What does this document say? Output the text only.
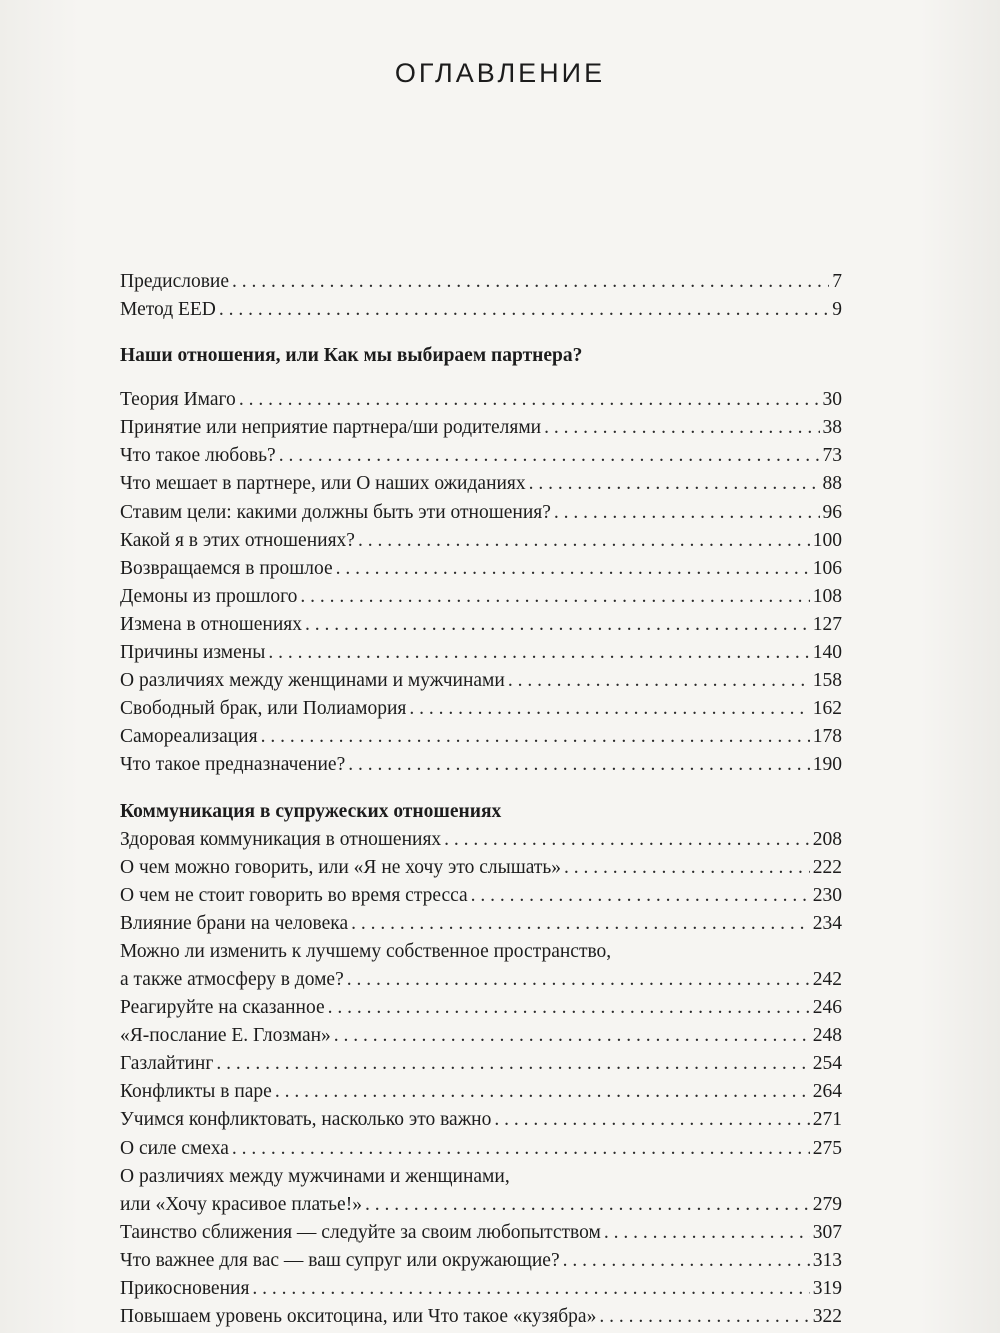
ОГЛАВЛЕНИЕ
Предисловие . . .	7
Метод EED . . .	9
Наши отношения, или Как мы выбираем партнера?
Теория Имаго . . .	30
Принятие или неприятие партнера/ши родителями . . .	38
Что такое любовь? . . .	73
Что мешает в партнере, или О наших ожиданиях . . .	88
Ставим цели: какими должны быть эти отношения? . . .	96
Какой я в этих отношениях? . . .	100
Возвращаемся в прошлое . . .	106
Демоны из прошлого . . .	108
Измена в отношениях . . .	127
Причины измены . . .	140
О различиях между женщинами и мужчинами . . .	158
Свободный брак, или Полиамория . . .	162
Самореализация . . .	178
Что такое предназначение? . . .	190
Коммуникация в супружеских отношениях
Здоровая коммуникация в отношениях . . .	208
О чем можно говорить, или «Я не хочу это слышать» . . .	222
О чем не стоит говорить во время стресса . . .	230
Влияние брани на человека . . .	234
Можно ли изменить к лучшему собственное пространство,
а также атмосферу в доме? . . .	242
Реагируйте на сказанное . . .	246
«Я-послание Е. Глозман» . . .	248
Газлайтинг . . .	254
Конфликты в паре . . .	264
Учимся конфликтовать, насколько это важно . . .	271
О силе смеха . . .	275
О различиях между мужчинами и женщинами,
или «Хочу красивое платье!» . . .	279
Таинство сближения — следуйте за своим любопытством . . .	307
Что важнее для вас — ваш супруг или окружающие? . . .	313
Прикосновения . . .	319
Повышаем уровень окситоцина, или Что такое «кузябра» . . .	322
